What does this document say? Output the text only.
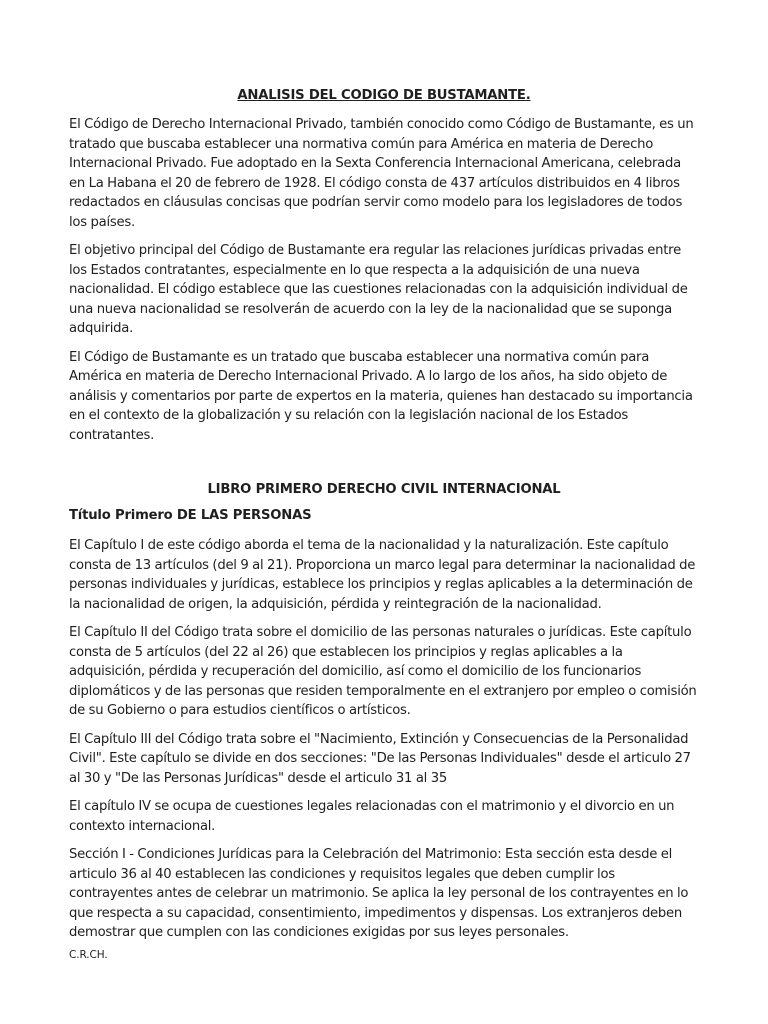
ANALISIS DEL CODIGO DE BUSTAMANTE.

El Código de Derecho Internacional Privado, también conocido como Código de Bustamante, es un tratado que buscaba establecer una normativa común para América en materia de Derecho Internacional Privado. Fue adoptado en la Sexta Conferencia Internacional Americana, celebrada en La Habana el 20 de febrero de 1928. El código consta de 437 artículos distribuidos en 4 libros redactados en cláusulas concisas que podrían servir como modelo para los legisladores de todos los países.

El objetivo principal del Código de Bustamante era regular las relaciones jurídicas privadas entre los Estados contratantes, especialmente en lo que respecta a la adquisición de una nueva nacionalidad. El código establece que las cuestiones relacionadas con la adquisición individual de una nueva nacionalidad se resolverán de acuerdo con la ley de la nacionalidad que se suponga adquirida.

El Código de Bustamante es un tratado que buscaba establecer una normativa común para América en materia de Derecho Internacional Privado. A lo largo de los años, ha sido objeto de análisis y comentarios por parte de expertos en la materia, quienes han destacado su importancia en el contexto de la globalización y su relación con la legislación nacional de los Estados contratantes.

LIBRO PRIMERO DERECHO CIVIL INTERNACIONAL

Título Primero DE LAS PERSONAS

El Capítulo I de este código aborda el tema de la nacionalidad y la naturalización. Este capítulo consta de 13 artículos (del 9 al 21). Proporciona un marco legal para determinar la nacionalidad de personas individuales y jurídicas, establece los principios y reglas aplicables a la determinación de la nacionalidad de origen, la adquisición, pérdida y reintegración de la nacionalidad.

El Capítulo II del Código trata sobre el domicilio de las personas naturales o jurídicas. Este capítulo consta de 5 artículos (del 22 al 26) que establecen los principios y reglas aplicables a la adquisición, pérdida y recuperación del domicilio, así como el domicilio de los funcionarios diplomáticos y de las personas que residen temporalmente en el extranjero por empleo o comisión de su Gobierno o para estudios científicos o artísticos.

El Capítulo III del Código trata sobre el "Nacimiento, Extinción y Consecuencias de la Personalidad Civil". Este capítulo se divide en dos secciones: "De las Personas Individuales" desde el articulo 27 al 30 y "De las Personas Jurídicas" desde el articulo 31 al 35

El capítulo IV se ocupa de cuestiones legales relacionadas con el matrimonio y el divorcio en un contexto internacional.

Sección I - Condiciones Jurídicas para la Celebración del Matrimonio: Esta sección esta desde el articulo 36 al 40 establecen las condiciones y requisitos legales que deben cumplir los contrayentes antes de celebrar un matrimonio. Se aplica la ley personal de los contrayentes en lo que respecta a su capacidad, consentimiento, impedimentos y dispensas. Los extranjeros deben demostrar que cumplen con las condiciones exigidas por sus leyes personales.

C.R.CH.
